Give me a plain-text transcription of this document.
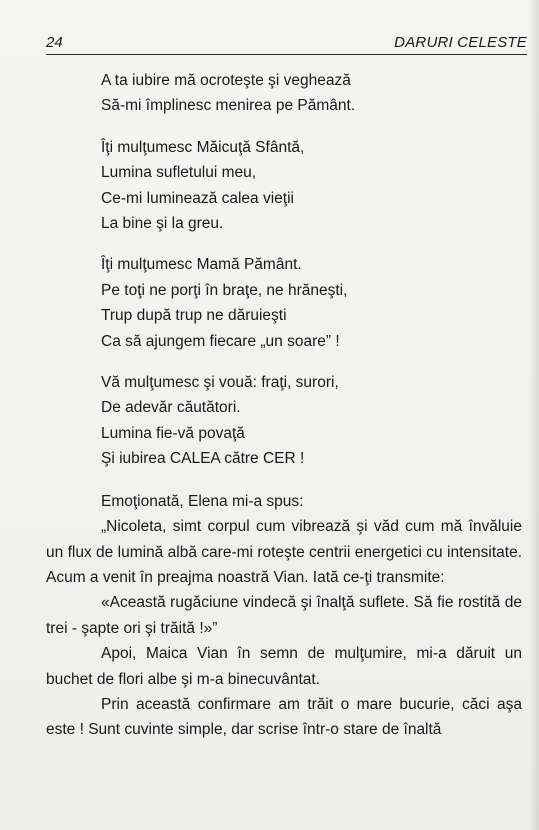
24	DARURI CELESTE
A ta iubire mă ocroteşte şi veghează
Să-mi împlinesc menirea pe Pământ.
Îţi mulţumesc Măicuţă Sfântă,
Lumina sufletului meu,
Ce-mi luminează calea vieţii
La bine şi la greu.
Îţi mulţumesc Mamă Pământ.
Pe toţi ne porţi în braţe, ne hrăneşti,
Trup după trup ne dăruieşti
Ca să ajungem fiecare „un soare” !
Vă mulţumesc şi vouă: fraţi, surori,
De adevăr căutători.
Lumina fie-vă povaţă
Şi iubirea CALEA către CER !
Emoţionată, Elena mi-a spus:
„Nicoleta, simt corpul cum vibrează şi văd cum mă învăluie un flux de lumină albă care-mi roteşte centrii energetici cu intensitate. Acum a venit în preajma noastră Vian. Iată ce-ţi transmite:
«Această rugăciune vindecă şi înalţă suflete. Să fie rostită de trei - şapte ori şi trăită !»”
Apoi, Maica Vian în semn de mulţumire, mi-a dăruit un buchet de flori albe şi m-a binecuvântat.
Prin această confirmare am trăit o mare bucurie, căci aşa este ! Sunt cuvinte simple, dar scrise într-o stare de înaltă
